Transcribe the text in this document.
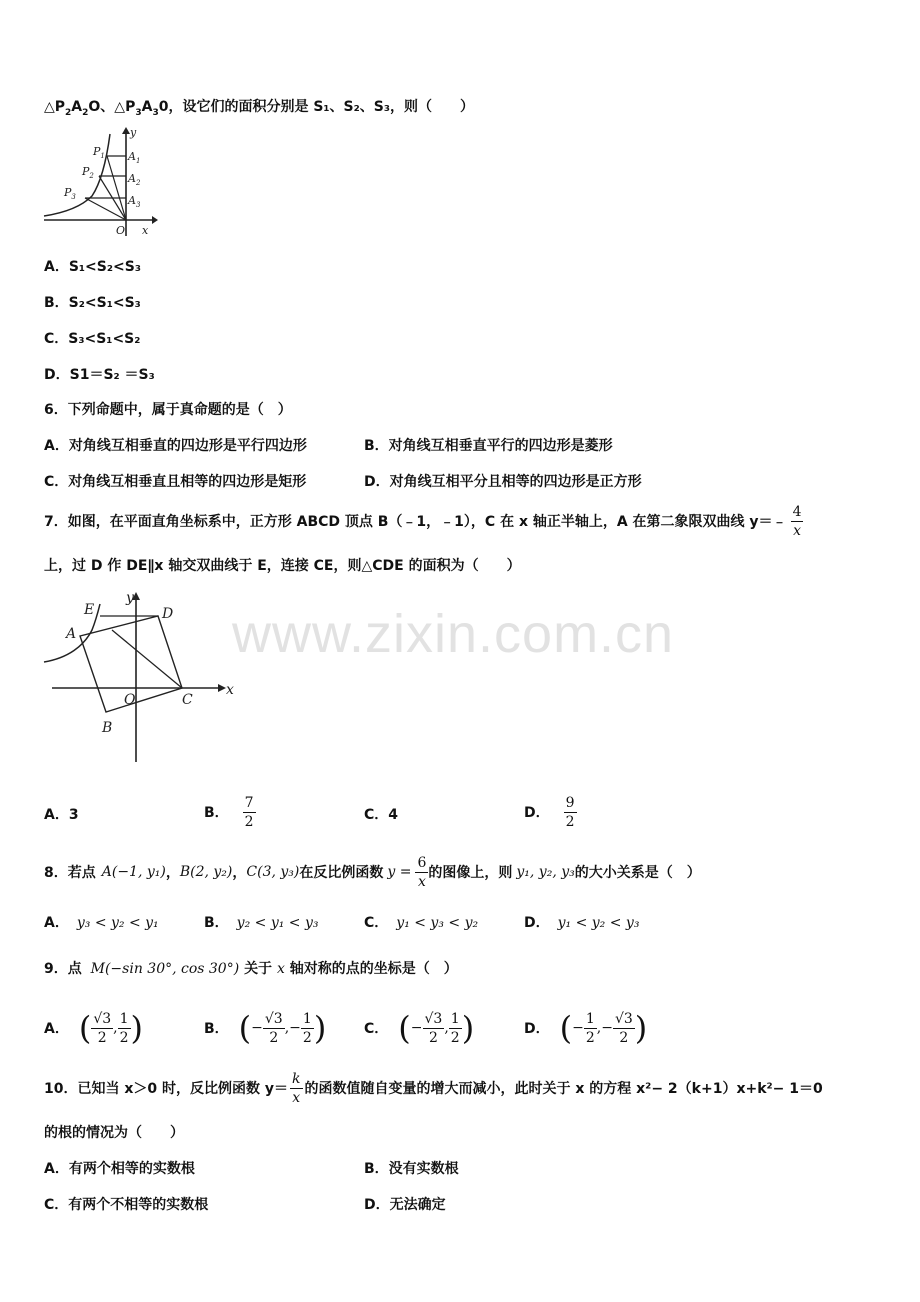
www.zixin.com.cn
$\triangle P_2A_2O$、$\triangle P_3A_30$，设它们的面积分别是 S₁、S₂、S₃，则（　　）
y
$P_1$ $A_1$
$P_2$	$A_2$
$P_3$	$A_3$
O x
A．S₁<S₂<S₃
B．S₂<S₁<S₃
C．S₃<S₁<S₂
D．S1＝S₂ ＝S₃
6．下列命题中，属于真命题的是（　）
A．对角线互相垂直的四边形是平行四边形	B．对角线互相垂直平行的四边形是菱形
C．对角线互相垂直且相等的四边形是矩形	D．对角线互相平分且相等的四边形是正方形
7．如图，在平面直角坐标系中，正方形 ABCD 顶点 B（﹣1，﹣1），C 在 x 轴正半轴上，A 在第二象限双曲线 y＝﹣ $\frac{4}{x}$
上，过 D 作 DE∥x 轴交双曲线于 E，连接 CE，则△CDE 的面积为（　　）
E
y
D
A
O	C
x
B
A．3	B． $\frac{7}{2}$	C．4	D． $\frac{9}{2}$
8．若点 A(−1, y₁) ， B(2, y₂) ， C(3, y₃) 在反比例函数 $y = \frac{6}{x}$ 的图像上，则 y₁, y₂, y₃ 的大小关系是（　）
A． y₃ < y₂ < y₁	B． y₂ < y₁ < y₃	C． y₁ < y₃ < y₂	D． y₁ < y₂ < y₃
9．点 M(−sin 30°, cos 30°) 关于 x 轴对称的点的坐标是（　）
A． ( $\frac{√3}{2}$ , $\frac{1}{2}$ )	B． ( − $\frac{√3}{2}$ , − $\frac{1}{2}$ )	C． ( − $\frac{√3}{2}$ , $\frac{1}{2}$ )	D． ( − $\frac{1}{2}$ , − $\frac{√3}{2}$ )
10．已知当 x＞0 时，反比例函数 $y= \frac{k}{x}$ 的函数值随自变量的增大而减小，此时关于 x 的方程 x²− 2（k+1）x+k²− 1＝0
的根的情况为（　　）
A．有两个相等的实数根	B．没有实数根
C．有两个不相等的实数根	D．无法确定
